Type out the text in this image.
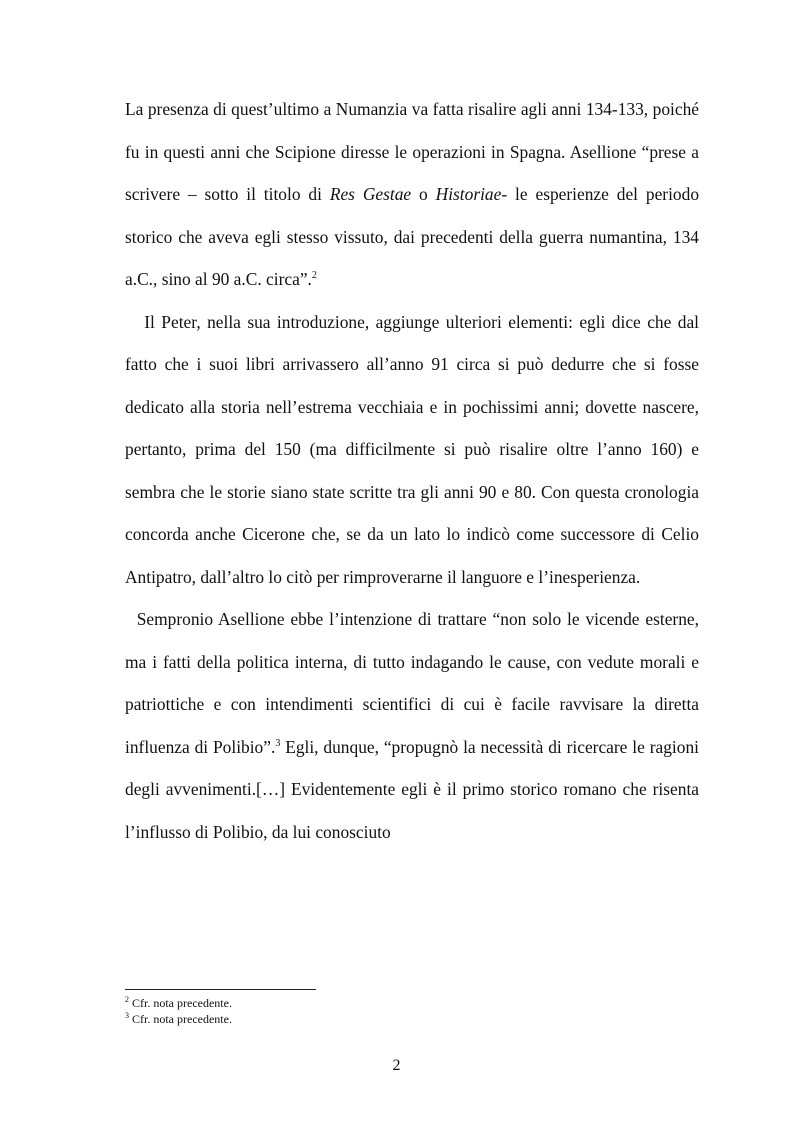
La presenza di quest’ultimo a Numanzia va fatta risalire agli anni 134-133, poiché fu in questi anni che Scipione diresse le operazioni in Spagna. Asellione “prese a scrivere – sotto il titolo di Res Gestae o Historiae- le esperienze del periodo storico che aveva egli stesso vissuto, dai precedenti della guerra numantina, 134 a.C., sino al 90 a.C. circa”.$^2$

Il Peter, nella sua introduzione, aggiunge ulteriori elementi: egli dice che dal fatto che i suoi libri arrivassero all’anno 91 circa si può dedurre che si fosse dedicato alla storia nell’estrema vecchiaia e in pochissimi anni; dovette nascere, pertanto, prima del 150 (ma difficilmente si può risalire oltre l’anno 160) e sembra che le storie siano state scritte tra gli anni 90 e 80. Con questa cronologia concorda anche Cicerone che, se da un lato lo indicò come successore di Celio Antipatro, dall’altro lo citò per rimproverarne il languore e l’inesperienza.

Sempronio Asellione ebbe l’intenzione di trattare “non solo le vicende esterne, ma i fatti della politica interna, di tutto indagando le cause, con vedute morali e patriottiche e con intendimenti scientifici di cui è facile ravvisare la diretta influenza di Polibio”.$^3$ Egli, dunque, “propugnò la necessità di ricercare le ragioni degli avvenimenti.[…] Evidentemente egli è il primo storico romano che risenta l’influsso di Polibio, da lui conosciuto

$^2$ Cfr. nota precedente.
$^3$ Cfr. nota precedente.
2
